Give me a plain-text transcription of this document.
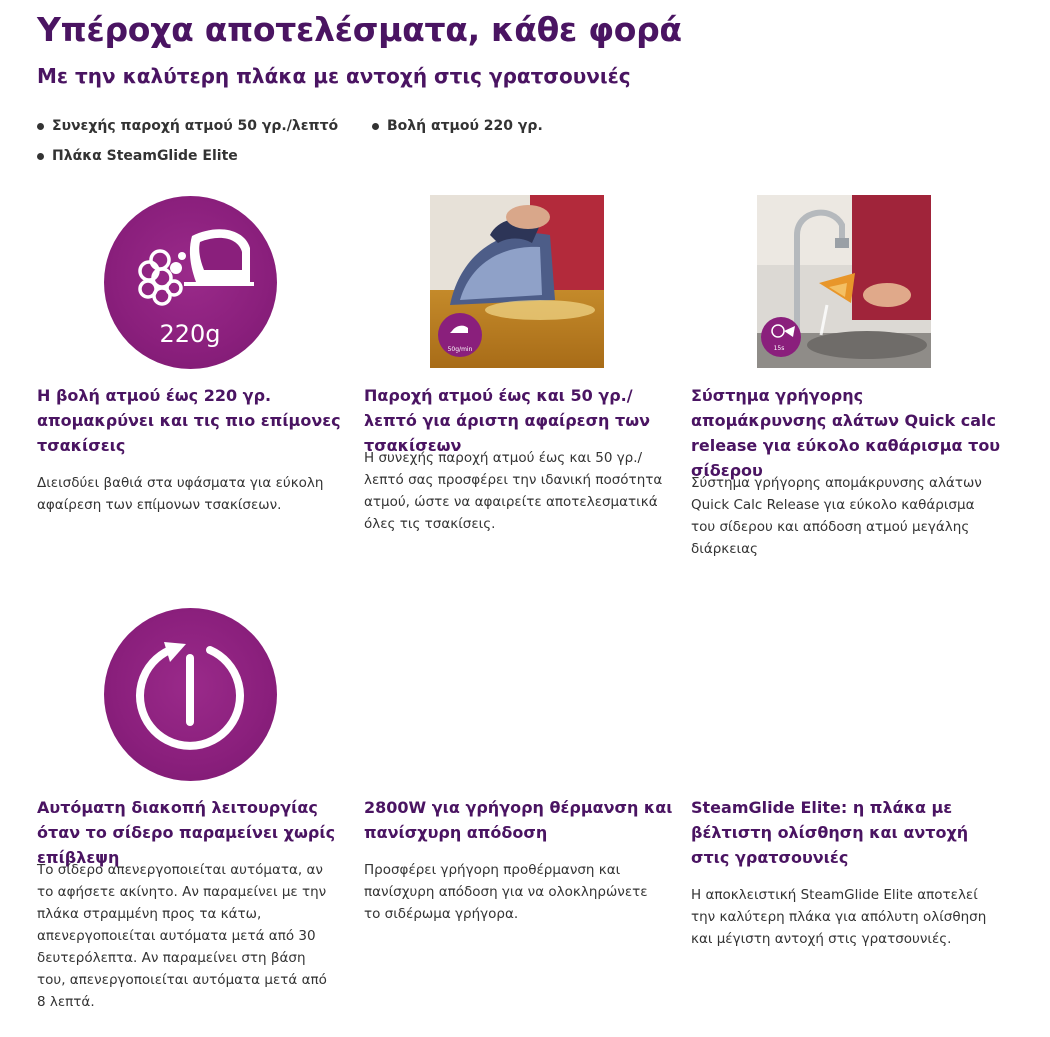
Υπέροχα αποτελέσματα, κάθε φορά
Με την καλύτερη πλάκα με αντοχή στις γρατσουνιές
Συνεχής παροχή ατμού 50 γρ./λεπτό	Βολή ατμού 220 γρ.
Πλάκα SteamGlide Elite
220g
Η βολή ατμού έως 220 γρ. απομακρύνει και τις πιο επίμονες τσακίσεις

Διεισδύει βαθιά στα υφάσματα για εύκολη αφαίρεση των επίμονων τσακίσεων.

50g/min
Παροχή ατμού έως και 50 γρ./λεπτό για άριστη αφαίρεση των τσακίσεων

Η συνεχής παροχή ατμού έως και 50 γρ./λεπτό σας προσφέρει την ιδανική ποσότητα ατμού, ώστε να αφαιρείτε αποτελεσματικά όλες τις τσακίσεις.

15s
Σύστημα γρήγορης απομάκρυνσης αλάτων Quick calc release για εύκολο καθάρισμα του σίδερου

Σύστημα γρήγορης απομάκρυνσης αλάτων Quick Calc Release για εύκολο καθάρισμα του σίδερου και απόδοση ατμού μεγάλης διάρκειας

Αυτόματη διακοπή λειτουργίας όταν το σίδερο παραμείνει χωρίς επίβλεψη

Το σίδερο απενεργοποιείται αυτόματα, αν το αφήσετε ακίνητο. Αν παραμείνει με την πλάκα στραμμένη προς τα κάτω, απενεργοποιείται αυτόματα μετά από 30 δευτερόλεπτα. Αν παραμείνει στη βάση του, απενεργοποιείται αυτόματα μετά από 8 λεπτά.

2800W για γρήγορη θέρμανση και πανίσχυρη απόδοση

Προσφέρει γρήγορη προθέρμανση και πανίσχυρη απόδοση για να ολοκληρώνετε το σιδέρωμα γρήγορα.

SteamGlide Elite: η πλάκα με βέλτιστη ολίσθηση και αντοχή στις γρατσουνιές

Η αποκλειστική SteamGlide Elite αποτελεί την καλύτερη πλάκα για απόλυτη ολίσθηση και μέγιστη αντοχή στις γρατσουνιές.
